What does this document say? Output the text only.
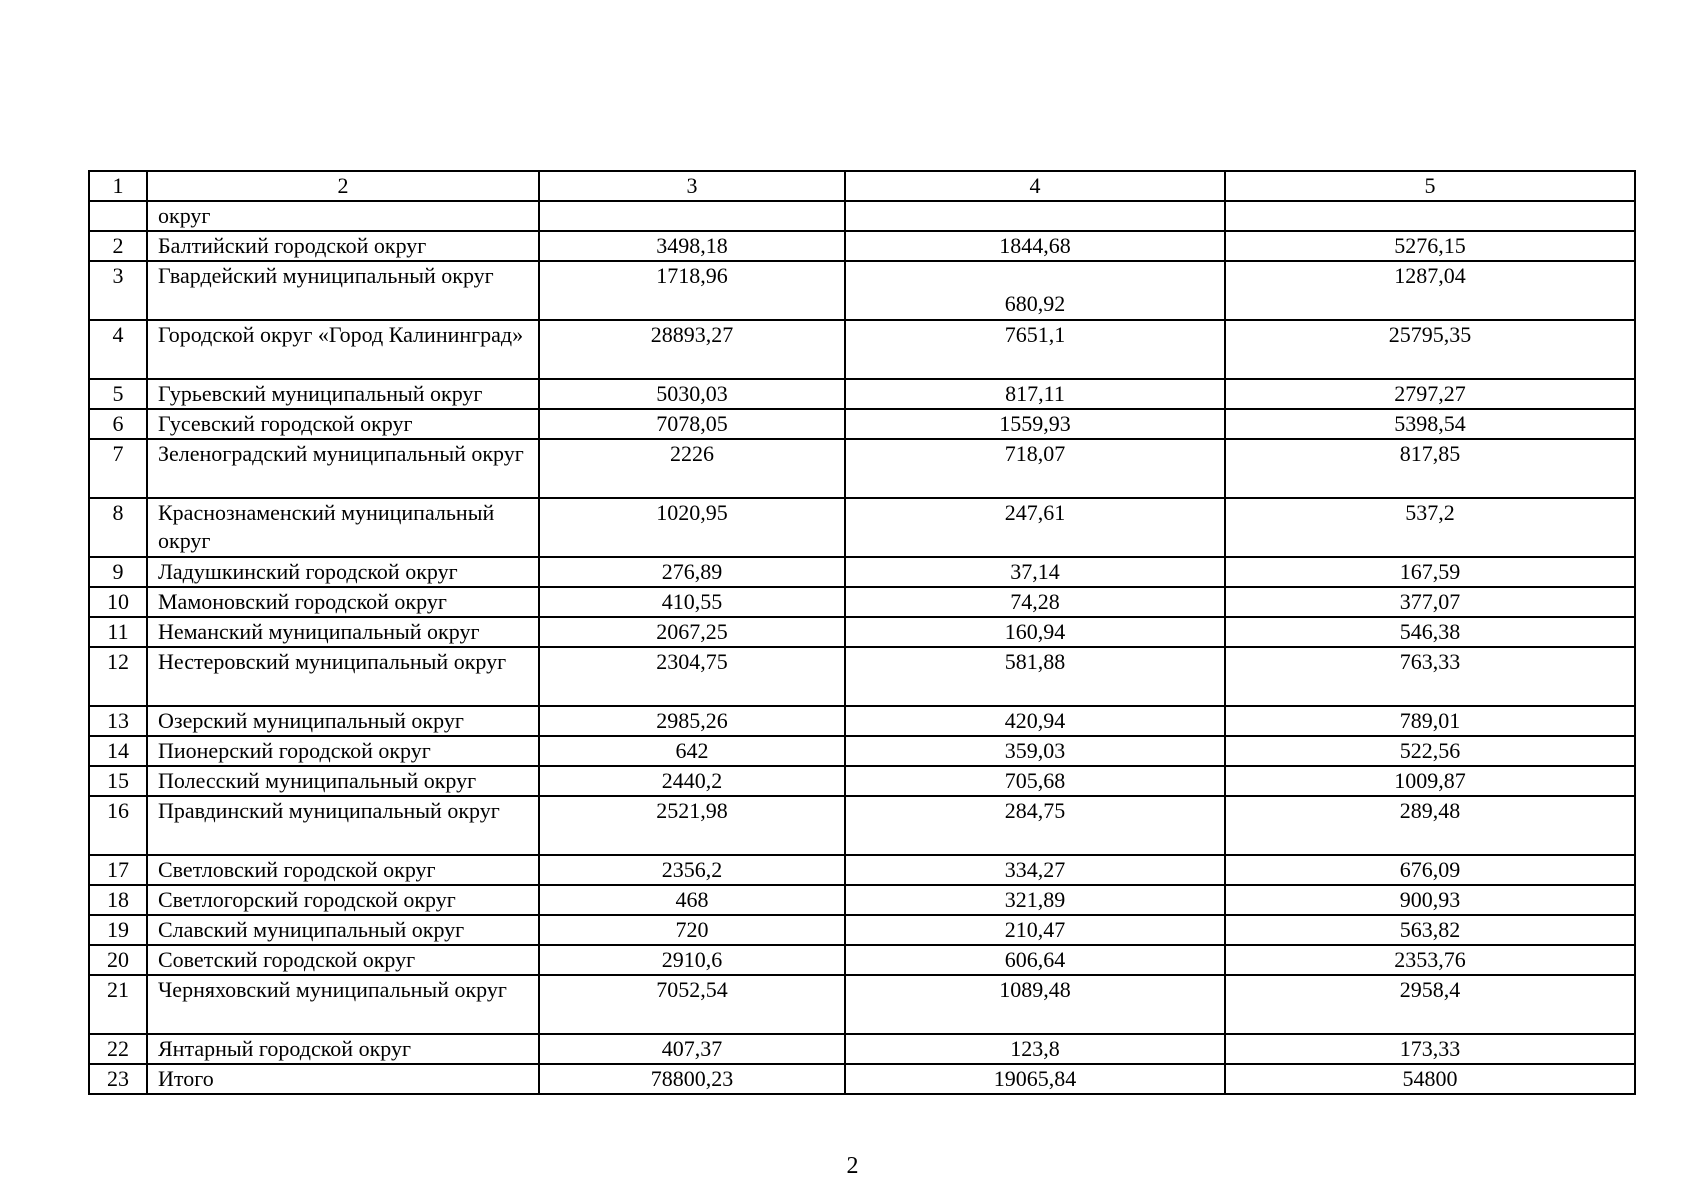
1	2	3	4	5
	округ			
2	Балтийский городской округ	3498,18	1844,68	5276,15
3	Гвардейский муниципальный округ	1718,96	680,92	1287,04
4	Городской округ «Город Калининград»	28893,27	7651,1	25795,35
5	Гурьевский муниципальный округ	5030,03	817,11	2797,27
6	Гусевский городской округ	7078,05	1559,93	5398,54
7	Зеленоградский муниципальный округ	2226	718,07	817,85
8	Краснознаменский муниципальный округ	1020,95	247,61	537,2
9	Ладушкинский городской округ	276,89	37,14	167,59
10	Мамоновский городской округ	410,55	74,28	377,07
11	Неманский муниципальный округ	2067,25	160,94	546,38
12	Нестеровский муниципальный округ	2304,75	581,88	763,33
13	Озерский муниципальный округ	2985,26	420,94	789,01
14	Пионерский городской округ	642	359,03	522,56
15	Полесский муниципальный округ	2440,2	705,68	1009,87
16	Правдинский муниципальный округ	2521,98	284,75	289,48
17	Светловский городской округ	2356,2	334,27	676,09
18	Светлогорский городской округ	468	321,89	900,93
19	Славский муниципальный округ	720	210,47	563,82
20	Советский городской округ	2910,6	606,64	2353,76
21	Черняховский муниципальный округ	7052,54	1089,48	2958,4
22	Янтарный городской округ	407,37	123,8	173,33
23	Итого	78800,23	19065,84	54800
2
